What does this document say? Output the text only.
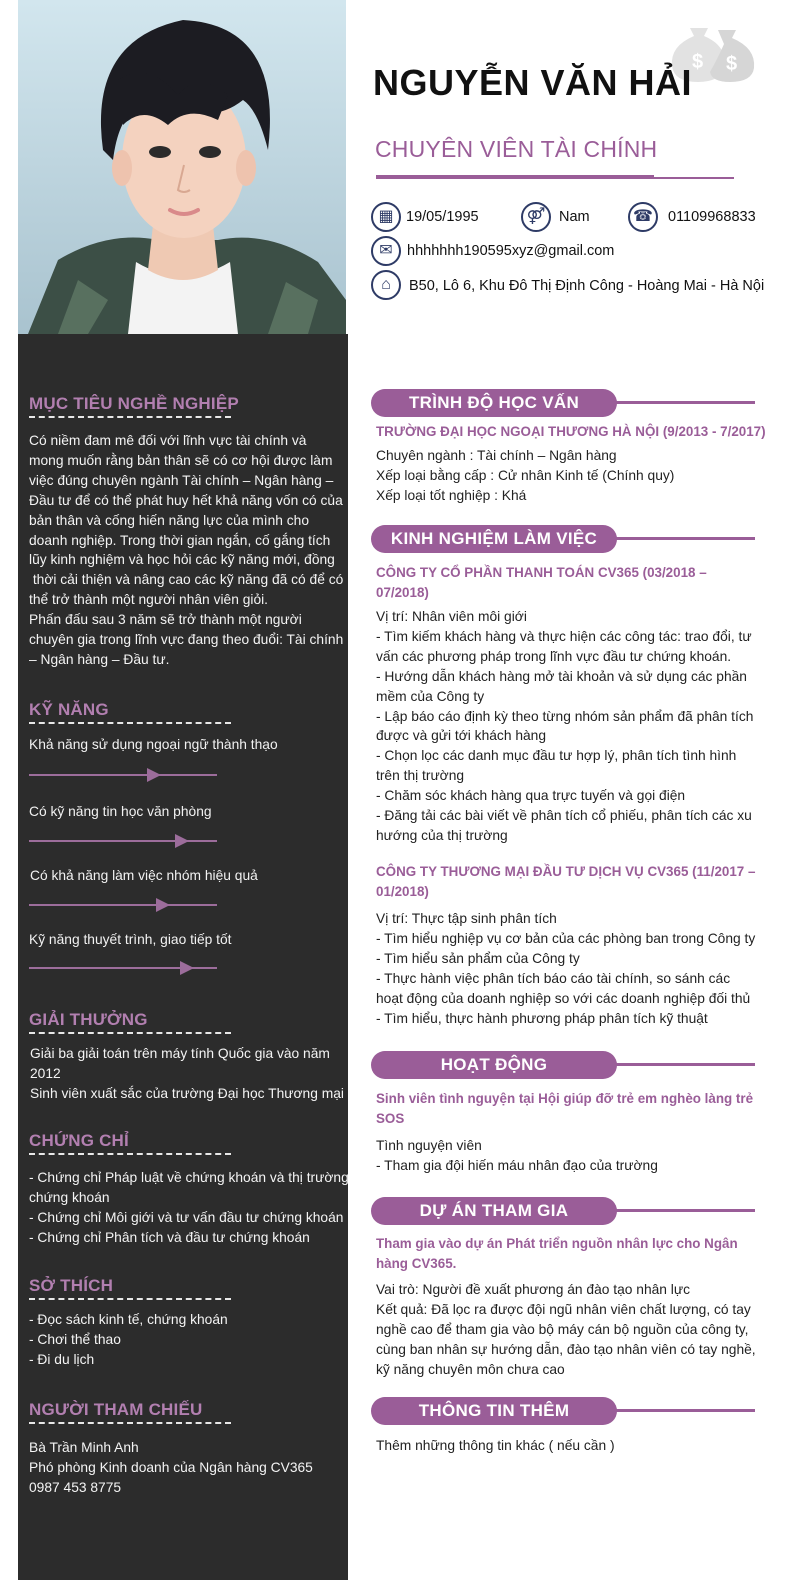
$ $
NGUYỄN VĂN HẢI
CHUYÊN VIÊN TÀI CHÍNH
▦ 19/05/1995	⚤ Nam	☎	01109968833
✉ hhhhhhh190595xyz@gmail.com
⌂	B50, Lô 6, Khu Đô Thị Định Công - Hoàng Mai - Hà Nội
MỤC TIÊU NGHỀ NGHIỆP

Có niềm đam mê đối với lĩnh vực tài chính và

mong muốn rằng bản thân sẽ có cơ hội được làm

việc đúng chuyên ngành Tài chính – Ngân hàng –

Đầu tư để có thể phát huy hết khả năng vốn có của

bản thân và cống hiến năng lực của mình cho

doanh nghiệp. Trong thời gian ngắn, cố gắng tích

lũy kinh nghiệm và học hỏi các kỹ năng mới, đồng

thời cải thiện và nâng cao các kỹ năng đã có để có

thể trở thành một người nhân viên giỏi.

Phấn đấu sau 3 năm sẽ trở thành một người

chuyên gia trong lĩnh vực đang theo đuổi: Tài chính

– Ngân hàng – Đầu tư.

KỸ NĂNG
Khả năng sử dụng ngoại ngữ thành thạo
Có kỹ năng tin học văn phòng
Có khả năng làm việc nhóm hiệu quả
Kỹ năng thuyết trình, giao tiếp tốt
GIẢI THƯỞNG

Giải ba giải toán trên máy tính Quốc gia vào năm

2012

Sinh viên xuất sắc của trường Đại học Thương mại

CHỨNG CHỈ

- Chứng chỉ Pháp luật về chứng khoán và thị trường

chứng khoán

- Chứng chỉ Môi giới và tư vấn đầu tư chứng khoán

- Chứng chỉ Phân tích và đầu tư chứng khoán

SỞ THÍCH

- Đọc sách kinh tế, chứng khoán

- Chơi thể thao

- Đi du lịch

NGƯỜI THAM CHIẾU

Bà Trần Minh Anh

Phó phòng Kinh doanh của Ngân hàng CV365

0987 453 8775

TRÌNH ĐỘ HỌC VẤN
TRƯỜNG ĐẠI HỌC NGOẠI THƯƠNG HÀ NỘI (9/2013 - 7/2017)

Chuyên ngành : Tài chính – Ngân hàng

Xếp loại bằng cấp : Cử nhân Kinh tế (Chính quy)

Xếp loại tốt nghiệp : Khá

KINH NGHIỆM LÀM VIỆC

CÔNG TY CỔ PHẦN THANH TOÁN CV365 (03/2018 –

07/2018)

Vị trí: Nhân viên môi giới

- Tìm kiếm khách hàng và thực hiện các công tác: trao đổi, tư

vấn các phương pháp trong lĩnh vực đầu tư chứng khoán.

- Hướng dẫn khách hàng mở tài khoản và sử dụng các phần

mềm của Công ty

- Lập báo cáo định kỳ theo từng nhóm sản phẩm đã phân tích

được và gửi tới khách hàng

- Chọn lọc các danh mục đầu tư hợp lý, phân tích tình hình

trên thị trường

- Chăm sóc khách hàng qua trực tuyến và gọi điện

- Đăng tải các bài viết về phân tích cổ phiếu, phân tích các xu

hướng của thị trường

CÔNG TY THƯƠNG MẠI ĐẦU TƯ DỊCH VỤ CV365 (11/2017 –

01/2018)

Vị trí: Thực tập sinh phân tích

- Tìm hiểu nghiệp vụ cơ bản của các phòng ban trong Công ty

- Tìm hiểu sản phẩm của Công ty

- Thực hành việc phân tích báo cáo tài chính, so sánh các

hoạt động của doanh nghiệp so với các doanh nghiệp đối thủ

- Tìm hiểu, thực hành phương pháp phân tích kỹ thuật

HOẠT ĐỘNG

Sinh viên tình nguyện tại Hội giúp đỡ trẻ em nghèo làng trẻ

SOS

Tình nguyện viên

- Tham gia đội hiến máu nhân đạo của trường

DỰ ÁN THAM GIA

Tham gia vào dự án Phát triển nguồn nhân lực cho Ngân

hàng CV365.

Vai trò: Người đề xuất phương án đào tạo nhân lực

Kết quả: Đã lọc ra được đội ngũ nhân viên chất lượng, có tay

nghề cao để tham gia vào bộ máy cán bộ nguồn của công ty,

cùng ban nhân sự hướng dẫn, đào tạo nhân viên có tay nghề,

kỹ năng chuyên môn chưa cao

THÔNG TIN THÊM
Thêm những thông tin khác ( nếu cần )
